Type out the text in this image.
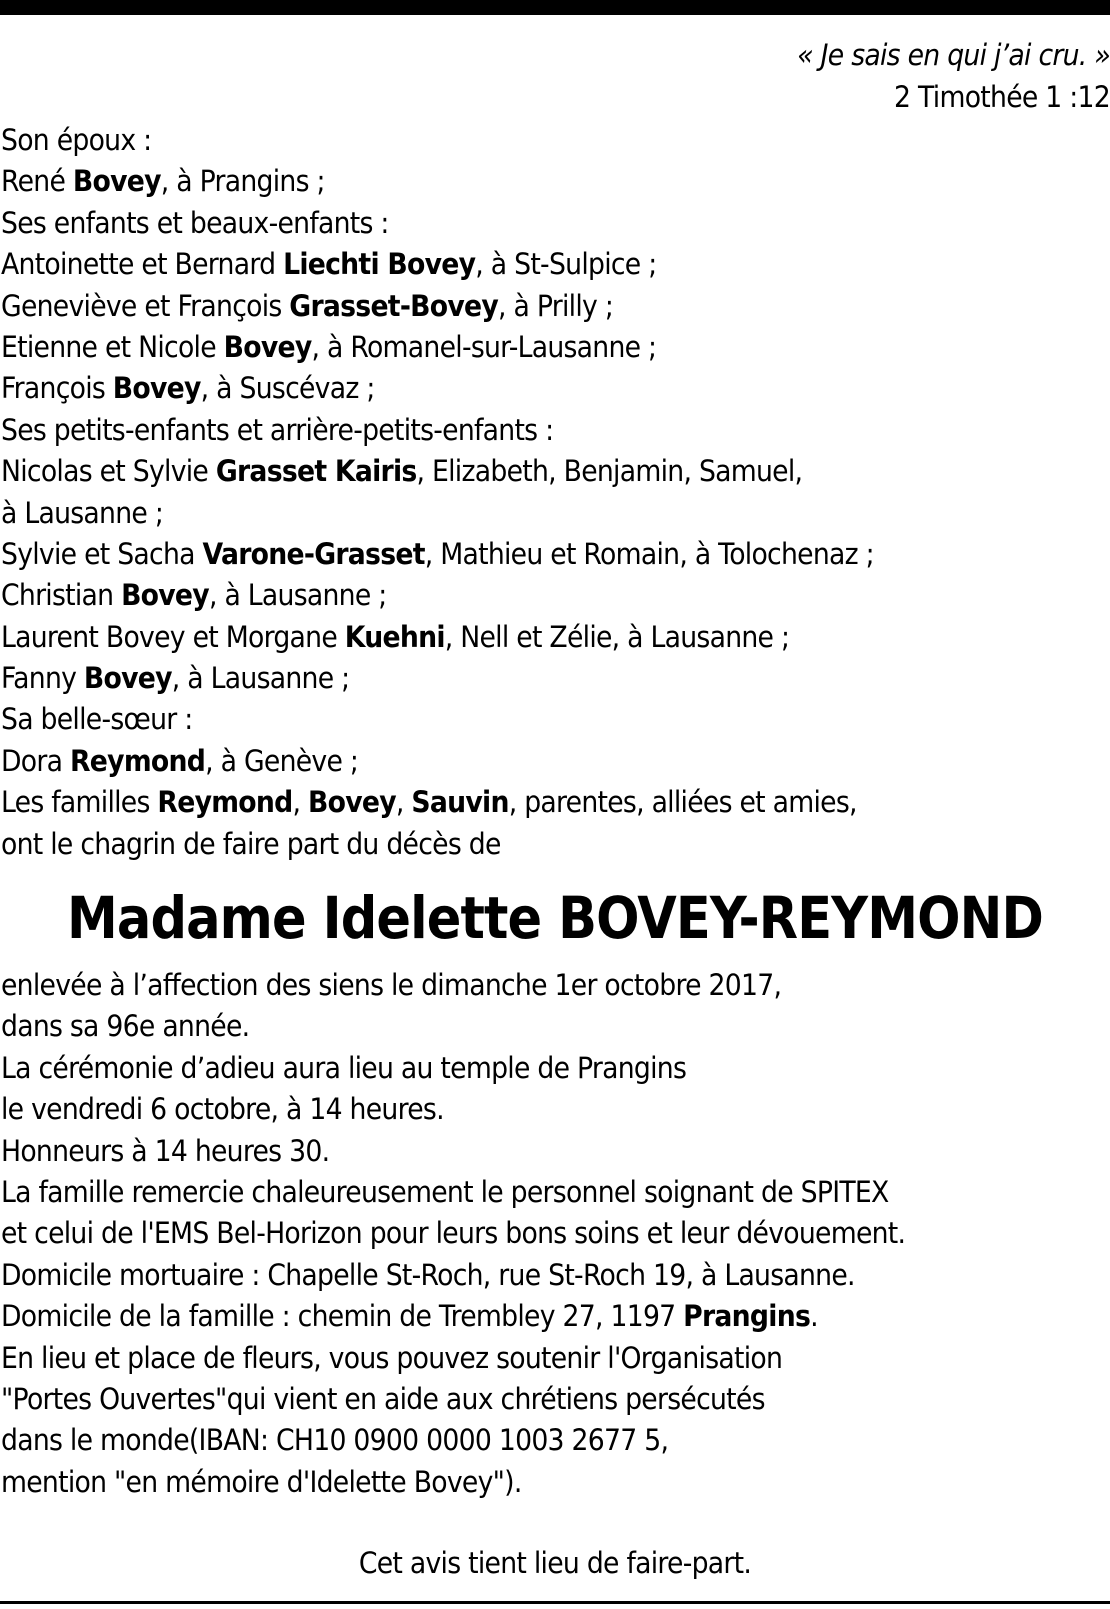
« Je sais en qui j’ai cru. »
2 Timothée 1 :12
Son époux :
René Bovey, à Prangins ;
Ses enfants et beaux-enfants :
Antoinette et Bernard Liechti Bovey, à St-Sulpice ;
Geneviève et François Grasset-Bovey, à Prilly ;
Etienne et Nicole Bovey, à Romanel-sur-Lausanne ;
François Bovey, à Suscévaz ;
Ses petits-enfants et arrière-petits-enfants :
Nicolas et Sylvie Grasset Kairis, Elizabeth, Benjamin, Samuel,
à Lausanne ;
Sylvie et Sacha Varone-Grasset, Mathieu et Romain, à Tolochenaz ;
Christian Bovey, à Lausanne ;
Laurent Bovey et Morgane Kuehni, Nell et Zélie, à Lausanne ;
Fanny Bovey, à Lausanne ;
Sa belle-sœur :
Dora Reymond, à Genève ;
Les familles Reymond, Bovey, Sauvin, parentes, alliées et amies,
ont le chagrin de faire part du décès de
Madame Idelette BOVEY-REYMOND
enlevée à l’affection des siens le dimanche 1er octobre 2017,
dans sa 96e année.
La cérémonie d’adieu aura lieu au temple de Prangins
le vendredi 6 octobre, à 14 heures.
Honneurs à 14 heures 30.
La famille remercie chaleureusement le personnel soignant de SPITEX
et celui de l'EMS Bel-Horizon pour leurs bons soins et leur dévouement.
Domicile mortuaire : Chapelle St-Roch, rue St-Roch 19, à Lausanne.
Domicile de la famille : chemin de Trembley 27, 1197 Prangins.
En lieu et place de fleurs, vous pouvez soutenir l'Organisation
"Portes Ouvertes"qui vient en aide aux chrétiens persécutés
dans le monde(IBAN: CH10 0900 0000 1003 2677 5,
mention "en mémoire d'Idelette Bovey").
Cet avis tient lieu de faire-part.
